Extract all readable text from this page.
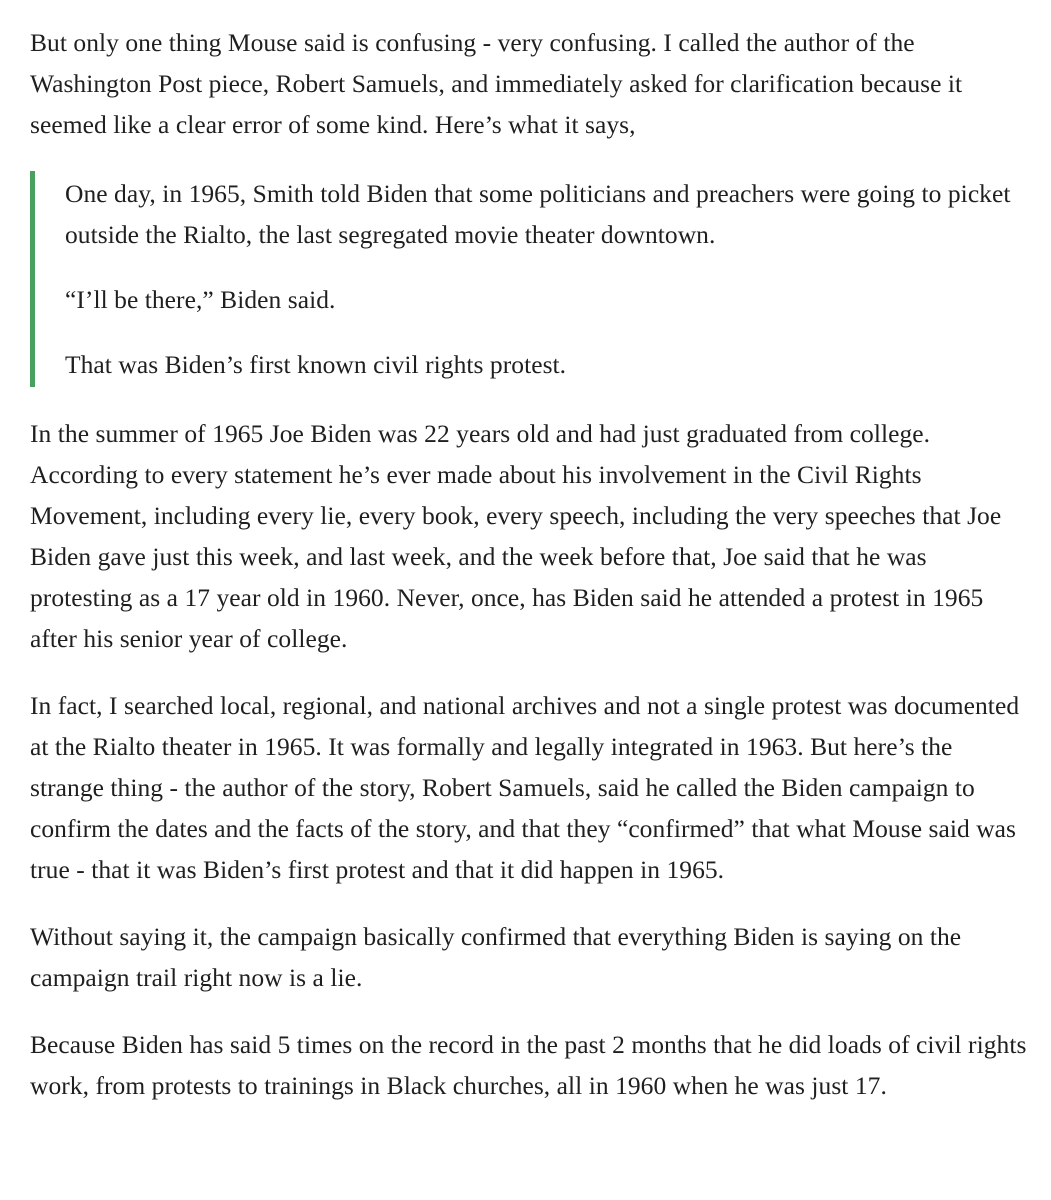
But only one thing Mouse said is confusing - very confusing. I called the author of the Washington Post piece, Robert Samuels, and immediately asked for clarification because it seemed like a clear error of some kind. Here’s what it says,

One day, in 1965, Smith told Biden that some politicians and preachers were going to picket outside the Rialto, the last segregated movie theater downtown.

“I’ll be there,” Biden said.

That was Biden’s first known civil rights protest.

In the summer of 1965 Joe Biden was 22 years old and had just graduated from college. According to every statement he’s ever made about his involvement in the Civil Rights Movement, including every lie, every book, every speech, including the very speeches that Joe Biden gave just this week, and last week, and the week before that, Joe said that he was protesting as a 17 year old in 1960. Never, once, has Biden said he attended a protest in 1965 after his senior year of college.

In fact, I searched local, regional, and national archives and not a single protest was documented at the Rialto theater in 1965. It was formally and legally integrated in 1963. But here’s the strange thing - the author of the story, Robert Samuels, said he called the Biden campaign to confirm the dates and the facts of the story, and that they “confirmed” that what Mouse said was true - that it was Biden’s first protest and that it did happen in 1965.

Without saying it, the campaign basically confirmed that everything Biden is saying on the campaign trail right now is a lie.

Because Biden has said 5 times on the record in the past 2 months that he did loads of civil rights work, from protests to trainings in Black churches, all in 1960 when he was just 17.
